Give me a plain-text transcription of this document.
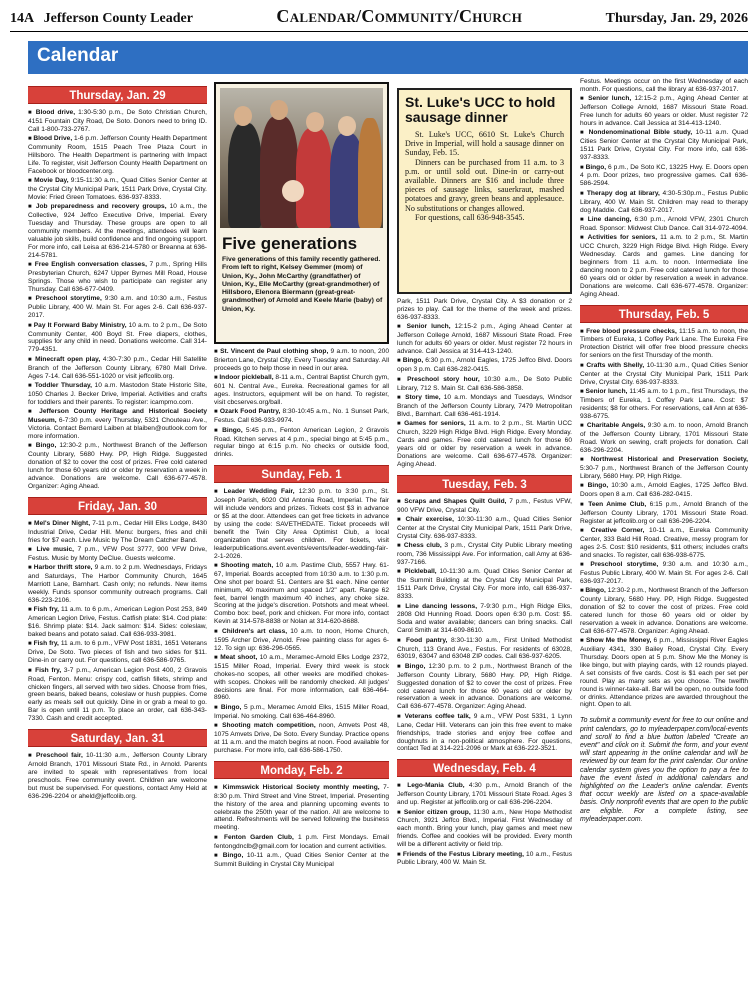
14A Jefferson County Leader	Calendar/Community/Church	Thursday, Jan. 29, 2026
Calendar
Thursday, Jan. 29
■ Blood drive, 1:30-5:30 p.m., De Soto Christian Church, 4151 Fountain City Road, De Soto. Donors need to bring ID. Call 1-800-733-2767.
■ Blood Drive, 1-6 p.m. Jefferson County Health Department Community Room, 1515 Peach Tree Plaza Court in Hillsboro. The Health Department is partnering with Impact Life. To register, visit Jefferson County Health Department on Facebook or bloodcenter.org.
■ Movie Day, 9:15-11:30 a.m., Quad Cities Senior Center at the Crystal City Municipal Park, 1511 Park Drive, Crystal City. Movie: Fried Green Tomatoes. 636-937-8333.
■ Job preparedness and recovery groups, 10 a.m., the Collective, 924 Jeffco Executive Drive, Imperial. Every Tuesday and Thursday. These groups are open to all community members. At the meetings, attendees will learn valuable job skills, build confidence and find ongoing support. For more info, call Leisa at 636-214-5780 or Breanna at 636-214-5781.
■ Free English conversation classes, 7 p.m., Spring Hills Presbyterian Church, 6247 Upper Byrnes Mill Road, House Springs. Those who wish to participate can register any Thursday. Call 636-677-0409.
■ Preschool storytime, 9:30 a.m. and 10:30 a.m., Festus Public Library, 400 W. Main St. For ages 2-6. Call 636-937-2017.
■ Pay It Forward Baby Ministry, 10 a.m. to 2 p.m., De Soto Community Center, 400 Boyd St. Free diapers, clothes, supplies for any child in need. Donations welcome. Call 314-779-4351.
■ Minecraft open play, 4:30-7:30 p.m., Cedar Hill Satellite Branch of the Jefferson County Library, 6780 Mall Drive. Ages 7-14. Call 636-551-1020 or visit jeffcolib.org.
■ Toddler Thursday, 10 a.m. Mastodon State Historic Site, 1050 Charles J. Becker Drive, Imperial. Activities and crafts for toddlers and their parents. To register: icampmo.com.
■ Jefferson County Heritage and Historical Society Museum, 6-7:30 p.m. every Thursday, 5321 Chouteau Ave., Victoria. Contact Bernard Laiben at blaiben@outlook.com for more information.
■ Bingo, 12:30-2 p.m., Northwest Branch of the Jefferson County Library, 5680 Hwy. PP, High Ridge. Suggested donation of $2 to cover the cost of prizes. Free cold catered lunch for those 60 years old or older by reservation a week in advance. Donations are welcome. Call 636-677-4578. Organizer: Aging Ahead.
Friday, Jan. 30
■ Mel's Diner Night, 7-11 p.m., Cedar Hill Elks Lodge, 8430 Industrial Drive, Cedar Hill. Menu: burgers, fries and chili fries for $7 each. Live Music by The Dream Catcher Band.
■ Live music, 7 p.m., VFW Post 3777, 900 VFW Drive, Festus. Music by Monty DeClue. Guests welcome.
■ Harbor thrift store, 9 a.m. to 2 p.m. Wednesdays, Fridays and Saturdays, The Harbor Community Church, 1645 Marriott Lane, Barnhart. Cash only; no refunds. New items weekly. Funds sponsor community outreach programs. Call 636-223-2106.
■ Fish fry, 11 a.m. to 6 p.m., American Legion Post 253, 849 American Legion Drive, Festus. Catfish plate: $14. Cod plate: $16. Shrimp plate: $14. Jack salmon: $14. Sides: coleslaw, baked beans and potato salad. Call 636-933-3981.
■ Fish fry, 11 a.m. to 6 p.m., VFW Post 1831, 1651 Veterans Drive, De Soto. Two pieces of fish and two sides for $11. Dine-in or carry out. For questions, call 636-586-9765.
■ Fish fry, 3-7 p.m., American Legion Post 400, 2 Gravois Road, Fenton. Menu: crispy cod, catfish fillets, shrimp and chicken fingers, all served with two sides. Choose from fries, green beans, baked beans, coleslaw or hush puppies. Come early as meals sell out quickly. Dine in or grab a meal to go. Bar is open until 11 p.m. To place an order, call 636-343-7330. Cash and credit accepted.
Saturday, Jan. 31
■ Preschool fair, 10-11:30 a.m., Jefferson County Library Arnold Branch, 1701 Missouri State Rd., in Arnold. Parents are invited to speak with representatives from local preschools. Free community event. Children are welcome but must be supervised. For questions, contact Amy Held at 636-296-2204 or aheld@jeffcolib.org.
■ St. Vincent de Paul clothing shop, 9 a.m. to noon, 200 Brierton Lane, Crystal City. Every Tuesday and Saturday. All proceeds go to help those in need in our area.
■ Indoor pickleball, 8-11 a.m., Central Baptist Church gym, 601 N. Central Ave., Eureka. Recreational games for all ages. Instructors, equipment will be on hand. To register, visit cbcserves.org/ball.
■ Ozark Food Pantry, 8:30-10:45 a.m., No. 1 Sunset Park, Festus. Call 636-933-9974.
■ Bingo, 5:45 p.m., Fenton American Legion, 2 Gravois Road. Kitchen serves at 4 p.m., special bingo at 5:45 p.m., regular bingo at 6:15 p.m. No checks or outside food, drinks.
Sunday, Feb. 1
■ Leader Wedding Fair, 12:30 p.m. to 3:30 p.m., St. Joseph Parish, 6020 Old Antonia Road, Imperial. The fair will include vendors and prizes. Tickets cost $3 in advance or $5 at the door. Attendees can get free tickets in advance by using the code: SAVETHEDATE. Ticket proceeds will benefit the Twin City Area Optimist Club, a local organization that serves children. For tickets, visit leaderpublications.event.events/events/leader-wedding-fair-2-1-2026.
■ Shooting match, 10 a.m. Pastime Club, 5557 Hwy. 61-67, Imperial. Boards accepted from 10:30 a.m. to 1:30 p.m. One shot per board: 51. Centers are $1 each. Nine center minimum, 40 maximum and spaced 1/2" apart. Range 62 feet, barrel length maximum 40 inches, any choke size. Scoring at the judge's discretion. Potshots and meat wheel. Combo box: beef, pork and chicken. For more info, contact Kevin at 314-578-8838 or Nolan at 314-620-8688.
■ Children's art class, 10 a.m. to noon, Home Church, 1595 Archer Drive, Arnold. Free painting class for ages 6-12. To sign up: 636-296-0565.
■ Meat shoot, 10 a.m., Meramec-Arnold Elks Lodge 2372, 1515 Miller Road, Imperial. Every third week is stock chokes-no scopes, all other weeks are modified chokes-with scopes. Chokes will be randomly checked. All judges' decisions are final. For more information, call 636-464-8960.
■ Bingo, 5 p.m., Meramec Arnold Elks, 1515 Miller Road, Imperial. No smoking. Call 636-464-8960.
■ Shooting match competition, noon, Amvets Post 48, 1075 Amvets Drive, De Soto. Every Sunday. Practice opens at 11 a.m. and the match begins at noon. Food available for purchase. For more info, call 636-586-1750.
Monday, Feb. 2
■ Kimmswick Historical Society monthly meeting, 7-8:30 p.m. Third Street and Vine Street, Imperial. Presenting the history of the area and planning upcoming events to celebrate the 250th year of the nation. All are welcome to attend. Refreshments will be served following the business meeting.
■ Fenton Garden Club, 1 p.m. First Mondays. Email fentongdnclb@gmail.com for location and current activities.
■ Bingo, 10-11 a.m., Quad Cities Senior Center at the Summit Building in Crystal City Municipal
Park, 1511 Park Drive, Crystal City. A $3 donation or 2 prizes to play. Call for the theme of the week and prizes. 636-937-8333.
■ Senior lunch, 12:15-2 p.m., Aging Ahead Center at Jefferson College Arnold, 1687 Missouri State Road. Free lunch for adults 60 years or older. Must register 72 hours in advance. Call Jessica at 314-413-1240.
■ Bingo, 6:30 p.m., Arnold Eagles, 1725 Jeffco Blvd. Doors open 3 p.m. Call 636-282-0415.
■ Preschool story hour, 10:30 a.m., De Soto Public Library, 712 S. Main St. Call 636-586-3858.
■ Story time, 10 a.m. Mondays and Tuesdays, Windsor Branch of the Jefferson County Library, 7479 Metropolitan Blvd., Barnhart. Call 636-461-1914.
■ Games for seniors, 11 a.m. to 2 p.m., St. Martin UCC Church, 3229 High Ridge Blvd. High Ridge. Every Monday. Cards and games. Free cold catered lunch for those 60 years old or older by reservation a week in advance. Donations are welcome. Call 636-677-4578. Organizer: Aging Ahead.
Tuesday, Feb. 3
■ Scraps and Shapes Quilt Guild, 7 p.m., Festus VFW, 900 VFW Drive, Crystal City.
■ Chair exercise, 10:30-11:30 a.m., Quad Cities Senior Center at the Crystal City Municipal Park, 1511 Park Drive, Crystal City. 636-937-8333.
■ Chess club, 3 p.m., Crystal City Public Library meeting room, 736 Mississippi Ave. For information, call Amy at 636-937-7166.
■ Pickleball, 10-11:30 a.m. Quad Cities Senior Center at the Summit Building at the Crystal City Municipal Park, 1511 Park Drive, Crystal City. For more info, call 636-937-8333.
■ Line dancing lessons, 7-9:30 p.m., High Ridge Elks, 2808 Old Hunning Road. Doors open 6:30 p.m. Cost: $5. Soda and water available; dancers can bring snacks. Call Carol Smith at 314-609-8610.
■ Food pantry, 8:30-11:30 a.m., First United Methodist Church, 113 Grand Ave., Festus. For residents of 63028, 63019, 63047 and 63048 ZIP codes. Call 636-937-6205.
■ Bingo, 12:30 p.m. to 2 p.m., Northwest Branch of the Jefferson County Library, 5680 Hwy. PP, High Ridge. Suggested donation of $2 to cover the cost of prizes. Free cold catered lunch for those 60 years old or older by reservation a week in advance. Donations are welcome. Call 636-677-4578. Organizer: Aging Ahead.
■ Veterans coffee talk, 9 a.m., VFW Post 5331, 1 Lynn Lane, Cedar Hill. Veterans can join this free event to make friendships, trade stories and enjoy free coffee and doughnuts in a non-political atmosphere. For questions, contact Ted at 314-221-2096 or Mark at 636-222-3521.
Wednesday, Feb. 4
■ Lego-Mania Club, 4:30 p.m., Arnold Branch of the Jefferson County Library, 1701 Missouri State Road. Ages 3 and up. Register at jeffcolib.org or call 636-296-2204.
■ Senior citizen group, 11:30 a.m., New Hope Methodist Church, 3921 Jeffco Blvd., Imperial. First Wednesday of each month. Bring your lunch, play games and meet new friends. Coffee and cookies will be provided. Every month will be a different activity or field trip.
■ Friends of the Festus Library meeting, 10 a.m., Festus Public Library, 400 W. Main St.
Festus. Meetings occur on the first Wednesday of each month. For questions, call the library at 636-937-2017.
■ Senior lunch, 12:15-2 p.m., Aging Ahead Center at Jefferson College Arnold, 1687 Missouri State Road. Free lunch for adults 60 years or older. Must register 72 hours in advance. Call Jessica at 314-413-1240.
■ Nondenominational Bible study, 10-11 a.m. Quad Cities Senior Center at the Crystal City Municipal Park, 1511 Park Drive, Crystal City. For more info, call 636-937-8333.
■ Bingo, 6 p.m., De Soto KC, 13225 Hwy. E. Doors open 4 p.m. Door prizes, two progressive games. Call 636-586-2594.
■ Therapy dog at library, 4:30-5:30p.m., Festus Public Library, 400 W. Main St. Children may read to therapy dog Maddie. Call 636-937-2017.
■ Line dancing, 6:30 p.m., Arnold VFW, 2301 Church Road. Sponsor: Midwest Club Dance. Call 314-972-4094.
■ Activities for seniors, 11 a.m. to 2 p.m., St. Martin UCC Church, 3229 High Ridge Blvd. High Ridge. Every Wednesday. Cards and games. Line dancing for beginners from 11 a.m. to noon. Intermediate line dancing noon to 2 p.m. Free cold catered lunch for those 60 years old or older by reservation a week in advance. Donations are welcome. Call 636-677-4578. Organizer: Aging Ahead.
Thursday, Feb. 5
■ Free blood pressure checks, 11:15 a.m. to noon, the Timbers of Eureka, 1 Coffey Park Lane. The Eureka Fire Protection District will offer free blood pressure checks for seniors on the first Thursday of the month.
■ Crafts with Shelly, 10-11:30 a.m., Quad Cities Senior Center at the Crystal City Municipal Park, 1511 Park Drive, Crystal City. 636-937-8333.
■ Senior lunch, 11:45 a.m. to 1 p.m., first Thursdays, the Timbers of Eureka, 1 Coffey Park Lane. Cost: $7 residents; $8 for others. For reservations, call Ann at 636-938-6775.
■ Charitable Angels, 9:30 a.m. to noon, Arnold Branch of the Jefferson County Library, 1701 Missouri State Road. Work on sewing, craft projects for donation. Call 636-296-2204.
■ Northwest Historical and Preservation Society, 5:30-7 p.m., Northwest Branch of the Jefferson County Library, 5680 Hwy. PP, High Ridge.
■ Bingo, 10:30 a.m., Arnold Eagles, 1725 Jeffco Blvd. Doors open 8 a.m. Call 636-282-0415.
■ Teen Anime Club, 6:15 p.m., Arnold Branch of the Jefferson County Library, 1701 Missouri State Road. Register at jeffcolib.org or call 636-296-2204.
■ Creative Corner, 10-11 a.m., Eureka Community Center, 333 Bald Hill Road. Creative, messy program for ages 2-5. Cost: $10 residents, $11 others; includes crafts and snacks. To register, call 636-938-6775.
■ Preschool storytime, 9:30 a.m. and 10:30 a.m., Festus Public Library, 400 W. Main St. For ages 2-6. Call 636-937-2017.
■ Bingo, 12:30-2 p.m., Northwest Branch of the Jefferson County Library, 5680 Hwy. PP, High Ridge. Suggested donation of $2 to cover the cost of prizes. Free cold catered lunch for those 60 years old or older by reservation a week in advance. Donations are welcome. Call 636-677-4578. Organizer: Aging Ahead.
■ Show Me the Money, 6 p.m., Mississippi River Eagles Auxiliary 4341, 330 Bailey Road, Crystal City. Every Thursday. Doors open at 5 p.m. Show Me the Money is like bingo, but with playing cards, with 12 rounds played. A set consists of five cards. Cost is $1 each per set per round. Play as many sets as you choose. The twelfth round is winner-take-all. Bar will be open, no outside food or drinks. Attendance prizes are awarded throughout the night. Open to all.
To submit a community event for free to our online and print calendars, go to myleaderpaper.com/local-events and scroll to find a blue button labeled "Create an event" and click on it. Submit the form, and your event will start appearing in the online calendar and will be reviewed by our team for the print calendar. Our online calendar system gives you the option to pay a fee to have the event listed in additional calendars and highlighted on the Leader's online calendar. Events that occur weekly are listed on a space-available basis. Only nonprofit events that are open to the public are eligible. For a complete listing, see myleaderpaper.com.
Five generations
Five generations of this family recently gathered. From left to right, Kelsey Gemmer (mom) of Union, Ky., John McCarthy (grandfather) of Union, Ky., Elle McCarthy (great-grandmother) of Hillsboro, Elenora Biermann (great-great-grandmother) of Arnold and Keele Marie (baby) of Union, Ky.
St. Luke's UCC to hold sausage dinner

St. Luke's UCC, 6610 St. Luke's Church Drive in Imperial, will hold a sausage dinner on Sunday, Feb. 15.

Dinners can be purchased from 11 a.m. to 3 p.m. or until sold out. Dine-in or carry-out available. Dinners are $16 and include three pieces of sausage links, sauerkraut, mashed potatoes and gravy, green beans and applesauce. No substitutions or changes allowed.

For questions, call 636-948-3545.
